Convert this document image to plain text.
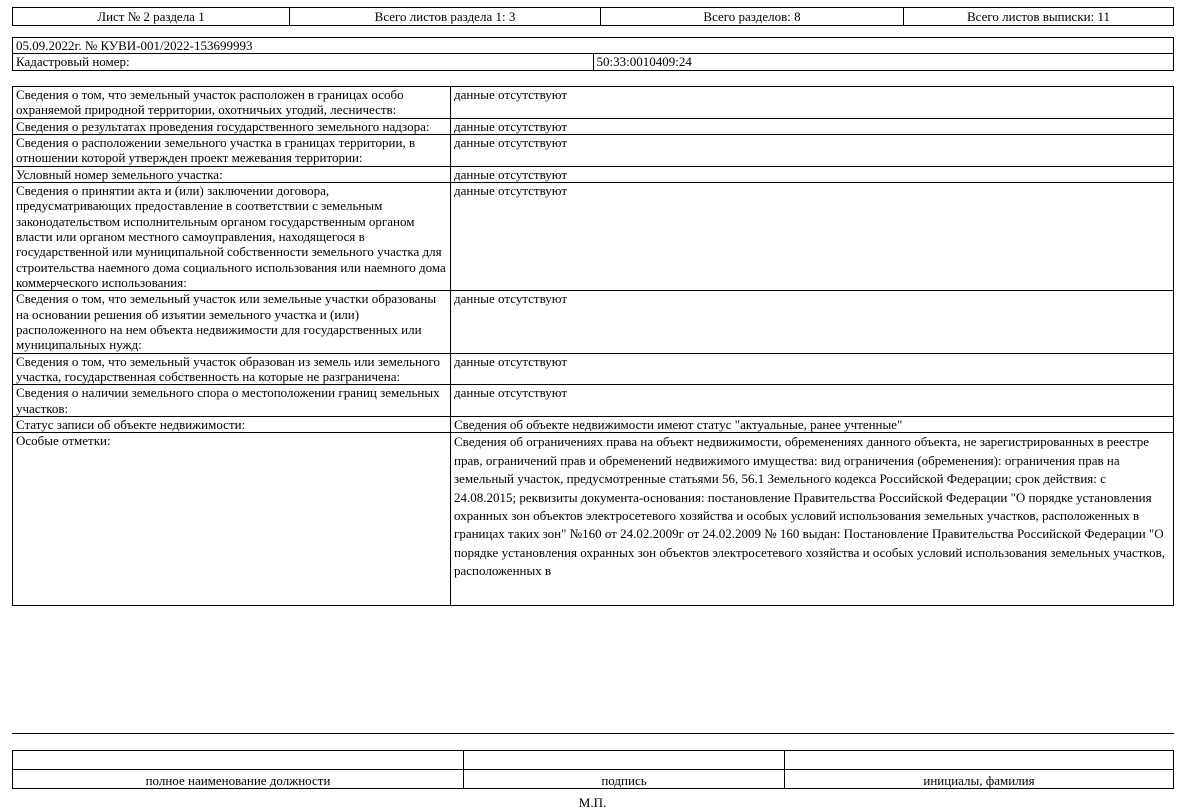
Лист № 2 раздела 1	Всего листов раздела 1: 3	Всего разделов: 8	Всего листов выписки: 11
05.09.2022г. № КУВИ-001/2022-153699993
Кадастровый номер:	50:33:0010409:24
Сведения о том, что земельный участок расположен в границах особо охраняемой природной территории, охотничьих угодий, лесничеств:	данные отсутствуют
Сведения о результатах проведения государственного земельного надзора:	данные отсутствуют
Сведения о расположении земельного участка в границах территории, в отношении которой утвержден проект межевания территории:	данные отсутствуют
Условный номер земельного участка:	данные отсутствуют
Сведения о принятии акта и (или) заключении договора, предусматривающих предоставление в соответствии с земельным законодательством исполнительным органом государственным органом власти или органом местного самоуправления, находящегося в государственной или муниципальной собственности земельного участка для строительства наемного дома социального использования или наемного дома коммерческого использования:	данные отсутствуют
Сведения о том, что земельный участок или земельные участки образованы на основании решения об изъятии земельного участка и (или) расположенного на нем объекта недвижимости для государственных или муниципальных нужд:	данные отсутствуют
Сведения о том, что земельный участок образован из земель или земельного участка, государственная собственность на которые не разграничена:	данные отсутствуют
Сведения о наличии земельного спора о местоположении границ земельных участков:	данные отсутствуют
Статус записи об объекте недвижимости:	Сведения об объекте недвижимости имеют статус "актуальные, ранее учтенные"
Особые отметки:	Сведения об ограничениях права на объект недвижимости, обременениях данного объекта, не зарегистрированных в реестре прав, ограничений прав и обременений недвижимого имущества: вид ограничения (обременения): ограничения прав на земельный участок, предусмотренные статьями 56, 56.1 Земельного кодекса Российской Федерации; срок действия: с 24.08.2015; реквизиты документа-основания: постановление Правительства Российской Федерации "О порядке установления охранных зон объектов электросетевого хозяйства и особых условий использования земельных участков, расположенных в границах таких зон" №160 от 24.02.2009г от 24.02.2009 № 160 выдан: Постановление Правительства Российской Федерации "О порядке установления охранных зон объектов электросетевого хозяйства и особых условий использования земельных участков, расположенных в

полное наименование должности	подпись	инициалы, фамилия
М.П.
